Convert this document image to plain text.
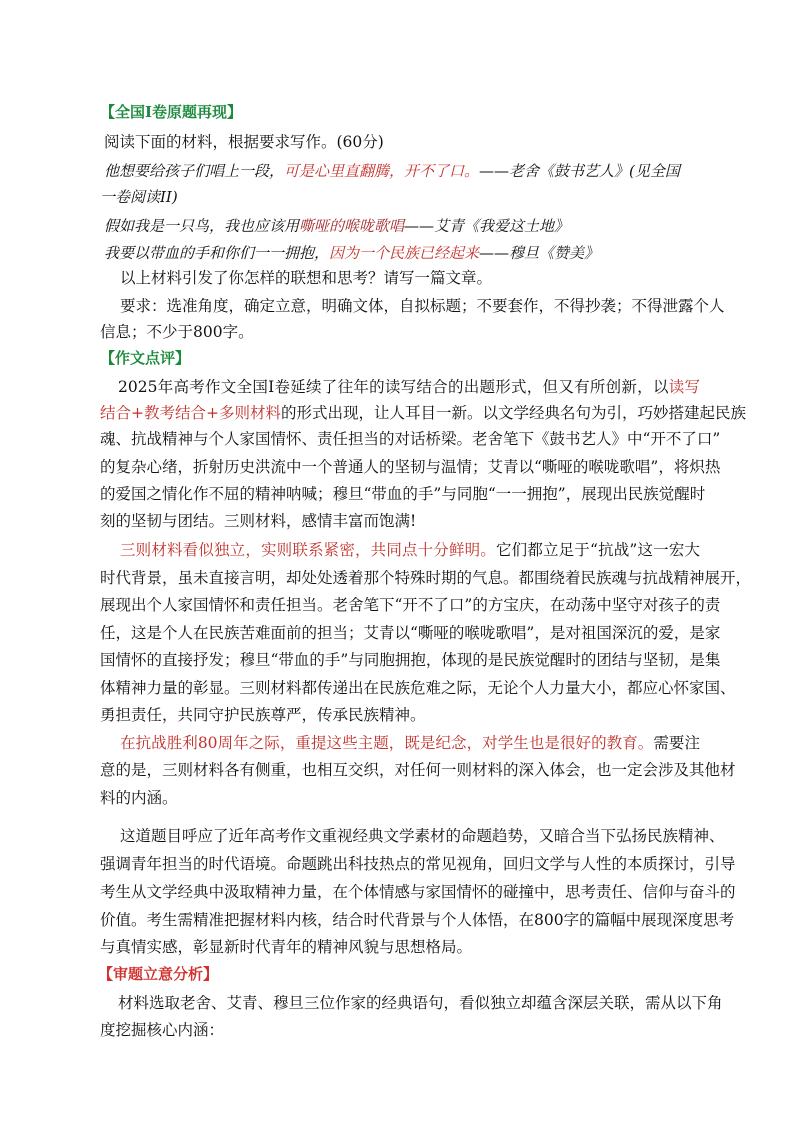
【全国Ⅰ卷原题再现】
阅读下面的材料，根据要求写作。(60分)
他想要给孩子们唱上一段，可是心里直翻腾，开不了口。——老舍《鼓书艺人》(见全国
一卷阅读II)
假如我是一只鸟，我也应该用嘶哑的喉咙歌唱——艾青《我爱这土地》
我要以带血的手和你们一一拥抱，因为一个民族已经起来——穆旦《赞美》
以上材料引发了你怎样的联想和思考？请写一篇文章。
要求：选准角度，确定立意，明确文体，自拟标题；不要套作，不得抄袭；不得泄露个人
信息；不少于800字。
【作文点评】
2025年高考作文全国Ⅰ卷延续了往年的读写结合的出题形式，但又有所创新，以读写
结合+教考结合+多则材料的形式出现，让人耳目一新。以文学经典名句为引，巧妙搭建起民族
魂、抗战精神与个人家国情怀、责任担当的对话桥梁。老舍笔下《鼓书艺人》中“开不了口”
的复杂心绪，折射历史洪流中一个普通人的坚韧与温情；艾青以“嘶哑的喉咙歌唱”，将炽热
的爱国之情化作不屈的精神呐喊；穆旦“带血的手”与同胞“一一拥抱”，展现出民族觉醒时
刻的坚韧与团结。三则材料，感情丰富而饱满!
三则材料看似独立，实则联系紧密，共同点十分鲜明。它们都立足于“抗战”这一宏大
时代背景，虽未直接言明，却处处透着那个特殊时期的气息。都围绕着民族魂与抗战精神展开，
展现出个人家国情怀和责任担当。老舍笔下“开不了口”的方宝庆，在动荡中坚守对孩子的责
任，这是个人在民族苦难面前的担当；艾青以“嘶哑的喉咙歌唱”，是对祖国深沉的爱，是家
国情怀的直接抒发；穆旦“带血的手”与同胞拥抱，体现的是民族觉醒时的团结与坚韧，是集
体精神力量的彰显。三则材料都传递出在民族危难之际，无论个人力量大小，都应心怀家国、
勇担责任，共同守护民族尊严，传承民族精神。
在抗战胜利80周年之际，重提这些主题，既是纪念，对学生也是很好的教育。需要注
意的是，三则材料各有侧重，也相互交织，对任何一则材料的深入体会，也一定会涉及其他材
料的内涵。
这道题目呼应了近年高考作文重视经典文学素材的命题趋势，又暗合当下弘扬民族精神、
强调青年担当的时代语境。命题跳出科技热点的常见视角，回归文学与人性的本质探讨，引导
考生从文学经典中汲取精神力量，在个体情感与家国情怀的碰撞中，思考责任、信仰与奋斗的
价值。考生需精准把握材料内核，结合时代背景与个人体悟，在800字的篇幅中展现深度思考
与真情实感，彰显新时代青年的精神风貌与思想格局。
【审题立意分析】
材料选取老舍、艾青、穆旦三位作家的经典语句，看似独立却蕴含深层关联，需从以下角
度挖掘核心内涵：
